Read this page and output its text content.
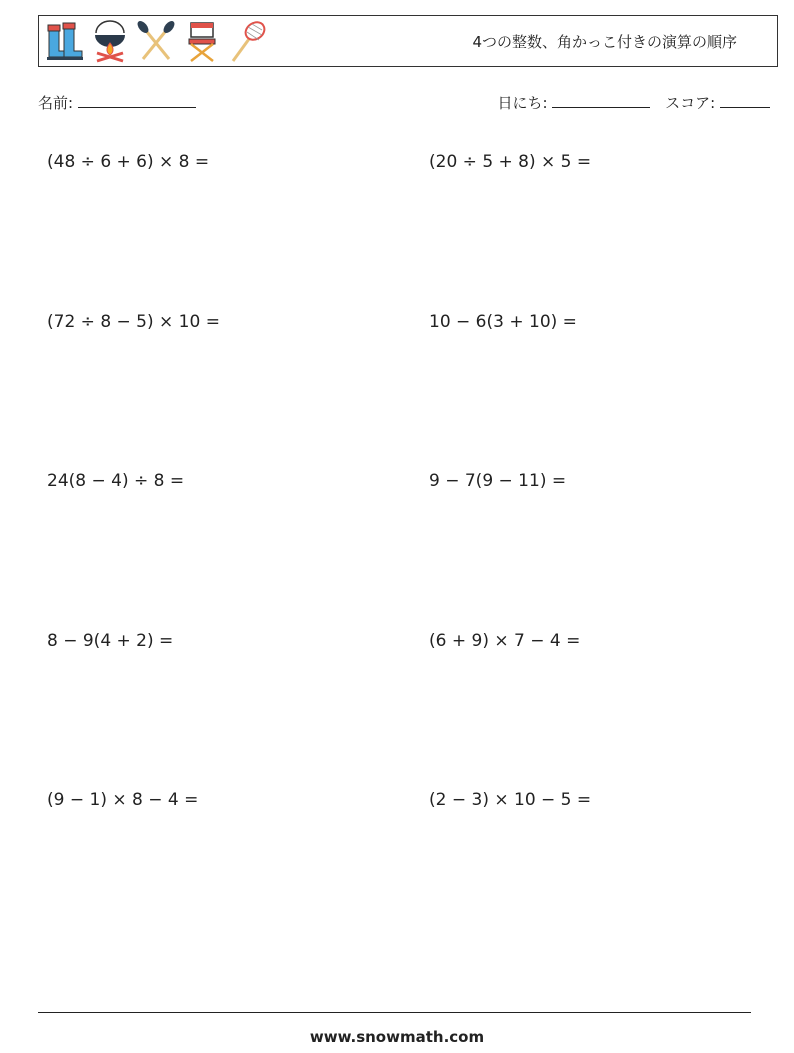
4つの整数、角かっこ付きの演算の順序
名前:	日にち:	スコア:
(48 ÷ 6 + 6) × 8 =	(20 ÷ 5 + 8) × 5 =
(72 ÷ 8 − 5) × 10 =	10 − 6(3 + 10) =
24(8 − 4) ÷ 8 =	9 − 7(9 − 11) =
8 − 9(4 + 2) =	(6 + 9) × 7 − 4 =
(9 − 1) × 8 − 4 =	(2 − 3) × 10 − 5 =
www.snowmath.com
